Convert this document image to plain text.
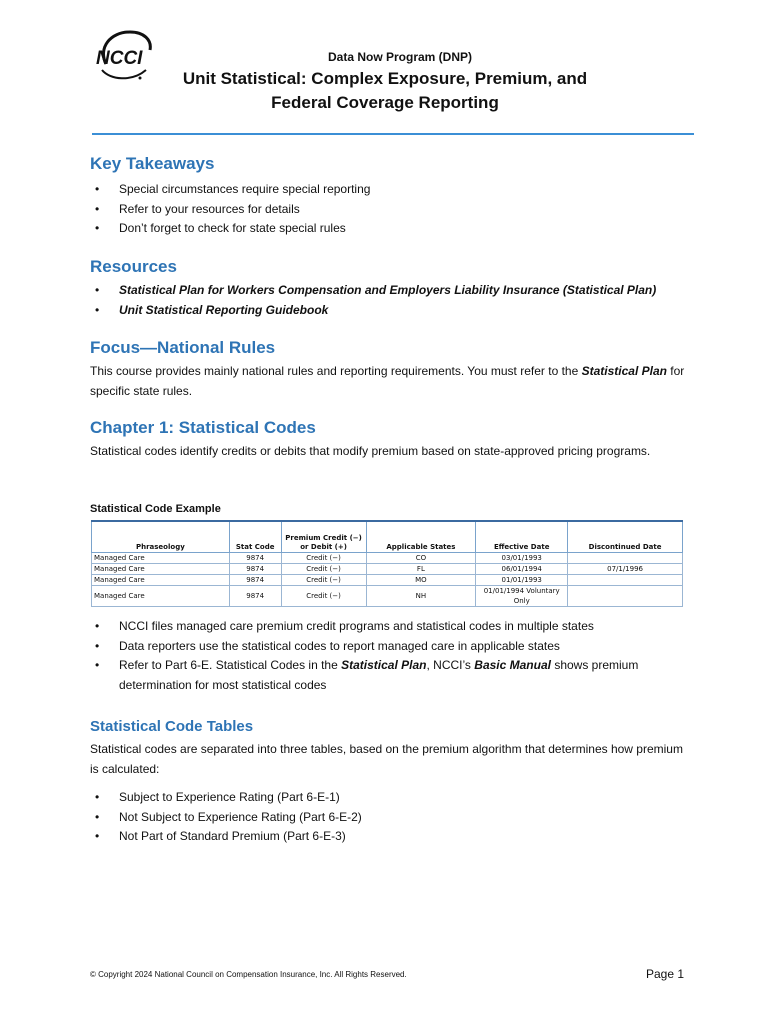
NCCI	Data Now Program (DNP)
Unit Statistical: Complex Exposure, Premium, and
Federal Coverage Reporting
Key Takeaways
• Special circumstances require special reporting
• Refer to your resources for details
• Don’t forget to check for state special rules
Resources
• Statistical Plan for Workers Compensation and Employers Liability Insurance (Statistical Plan)
• Unit Statistical Reporting Guidebook
Focus—National Rules
This course provides mainly national rules and reporting requirements. You must refer to the Statistical Plan for specific state rules.
Chapter 1: Statistical Codes
Statistical codes identify credits or debits that modify premium based on state-approved pricing programs.
Statistical Code Example
Phraseology	Stat Code	Premium Credit (−) or Debit (+)	Applicable States	Effective Date	Discontinued Date
Managed Care	9874	Credit (−)	CO	03/01/1993	
Managed Care	9874	Credit (−)	FL	06/01/1994	07/1/1996
Managed Care	9874	Credit (−)	MO	01/01/1993	
Managed Care	9874	Credit (−)	NH	01/01/1994 Voluntary Only	
• NCCI files managed care premium credit programs and statistical codes in multiple states
• Data reporters use the statistical codes to report managed care in applicable states
• Refer to Part 6-E. Statistical Codes in the Statistical Plan, NCCI’s Basic Manual shows premium determination for most statistical codes
Statistical Code Tables
Statistical codes are separated into three tables, based on the premium algorithm that determines how premium is calculated:
• Subject to Experience Rating (Part 6-E-1)
• Not Subject to Experience Rating (Part 6-E-2)
• Not Part of Standard Premium (Part 6-E-3)
© Copyright 2024 National Council on Compensation Insurance, Inc. All Rights Reserved.	Page 1
